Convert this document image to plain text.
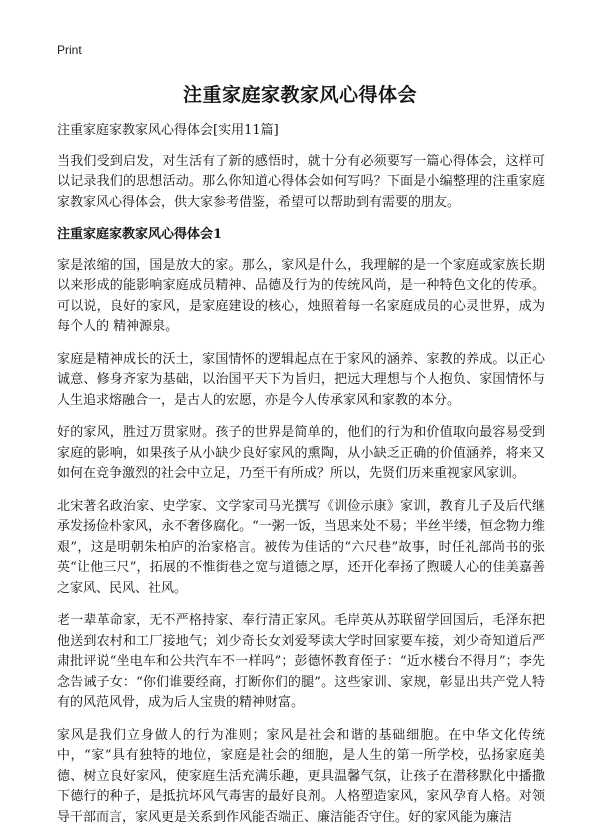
Print
注重家庭家教家风心得体会

注重家庭家教家风心得体会[实用11篇]

当我们受到启发，对生活有了新的感悟时，就十分有必须要写一篇心得体会，这样可以记录我们的思想活动。那么你知道心得体会如何写吗？下面是小编整理的注重家庭家教家风心得体会，供大家参考借鉴，希望可以帮助到有需要的朋友。

注重家庭家教家风心得体会1

家是浓缩的国，国是放大的家。那么，家风是什么，我理解的是一个家庭或家族长期以来形成的能影响家庭成员精神、品德及行为的传统风尚，是一种特色文化的传承。可以说，良好的家风，是家庭建设的核心，烛照着每一名家庭成员的心灵世界，成为每个人的 精神源泉。

家庭是精神成长的沃土，家国情怀的逻辑起点在于家风的涵养、家教的养成。以正心诚意、修身齐家为基础，以治国平天下为旨归，把远大理想与个人抱负、家国情怀与人生追求熔融合一，是古人的宏愿，亦是今人传承家风和家教的本分。

好的家风，胜过万贯家财。孩子的世界是简单的，他们的行为和价值取向最容易受到家庭的影响，如果孩子从小缺少良好家风的熏陶，从小缺乏正确的价值涵养，将来又如何在竞争激烈的社会中立足，乃至干有所成？所以，先贤们历来重视家风家训。

北宋著名政治家、史学家、文学家司马光撰写《训俭示康》家训，教育儿子及后代继承发扬俭朴家风，永不奢侈腐化。“一粥一饭，当思来处不易；半丝半缕，恒念物力维艰”，这是明朝朱柏庐的治家格言。被传为佳话的“六尺巷”故事，时任礼部尚书的张英“让他三尺”，拓展的不惟街巷之宽与道德之厚，还开化奉扬了煦暖人心的佳美嘉善之家风、民风、社风。

老一辈革命家，无不严格持家、奉行清正家风。毛岸英从苏联留学回国后，毛泽东把他送到农村和工厂接地气；刘少奇长女刘爱琴读大学时回家要车接，刘少奇知道后严肃批评说“坐电车和公共汽车不一样吗”；彭德怀教育侄子：“近水楼台不得月”；李先念告诫子女：“你们谁要经商，打断你们的腿”。这些家训、家规，彰显出共产党人特有的风范风骨，成为后人宝贵的精神财富。

家风是我们立身做人的行为准则；家风是社会和谐的基础细胞。在中华文化传统中，“家”具有独特的地位，家庭是社会的细胞，是人生的第一所学校，弘扬家庭美德、树立良好家风，使家庭生活充满乐趣，更具温馨气氛，让孩子在潜移默化中播撒下德行的种子，是抵抗坏风气毒害的最好良剂。人格塑造家风，家风孕育人格。对领导干部而言，家风更是关系到作风能否端正、廉洁能否守住。好的家风能为廉洁
